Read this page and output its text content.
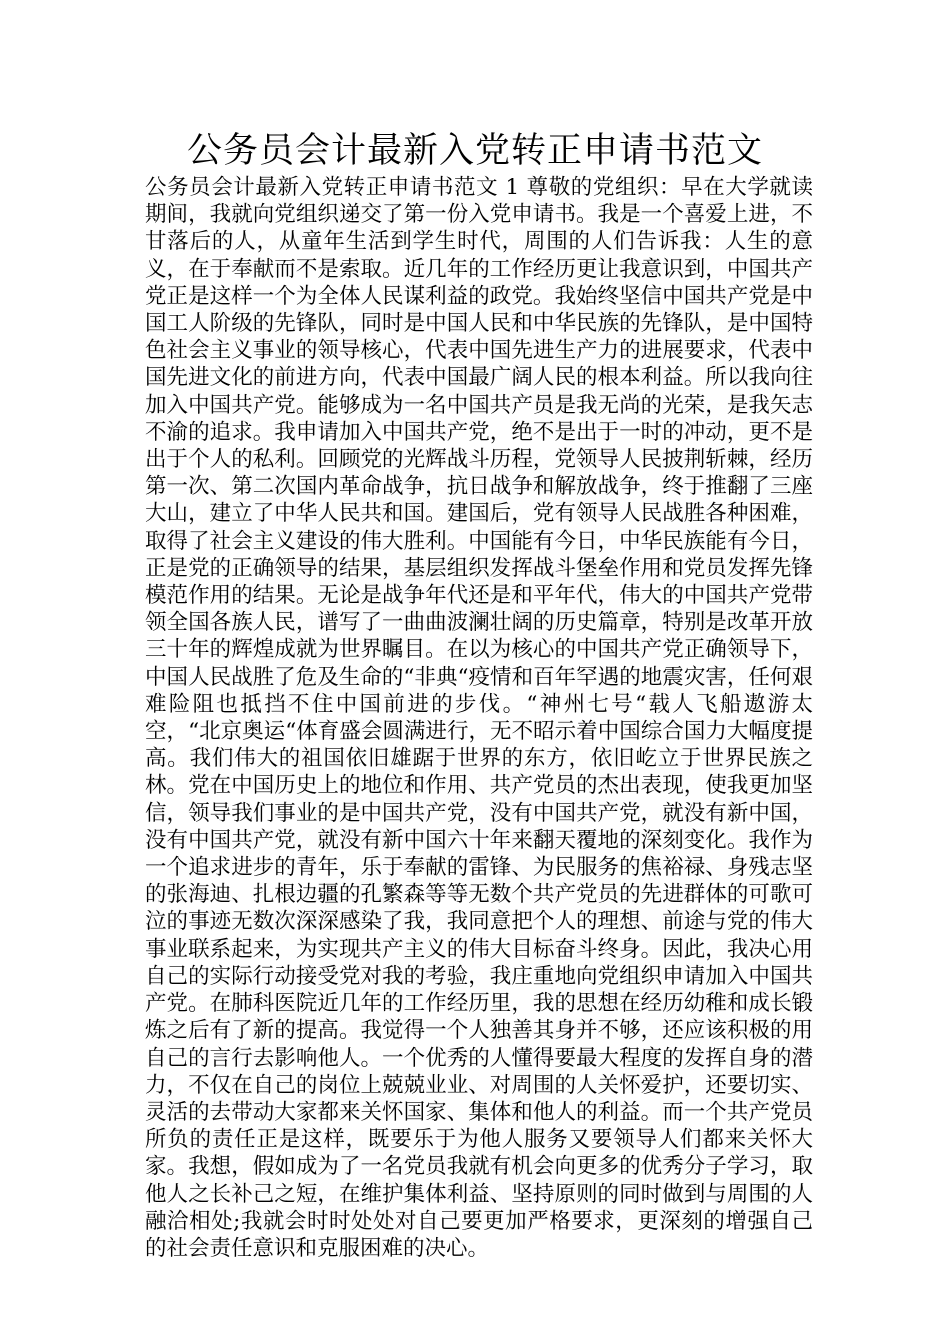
公务员会计最新入党转正申请书范文

公务员会计最新入党转正申请书范文 1 尊敬的党组织：早在大学就读期间，我就向党组织递交了第一份入党申请书。我是一个喜爱上进，不甘落后的人，从童年生活到学生时代，周围的人们告诉我：人生的意义，在于奉献而不是索取。近几年的工作经历更让我意识到，中国共产党正是这样一个为全体人民谋利益的政党。我始终坚信中国共产党是中国工人阶级的先锋队，同时是中国人民和中华民族的先锋队，是中国特色社会主义事业的领导核心，代表中国先进生产力的进展要求，代表中国先进文化的前进方向，代表中国最广阔人民的根本利益。所以我向往加入中国共产党。能够成为一名中国共产员是我无尚的光荣，是我矢志不渝的追求。我申请加入中国共产党，绝不是出于一时的冲动，更不是出于个人的私利。回顾党的光辉战斗历程，党领导人民披荆斩棘，经历第一次、第二次国内革命战争，抗日战争和解放战争，终于推翻了三座大山，建立了中华人民共和国。建国后，党有领导人民战胜各种困难，取得了社会主义建设的伟大胜利。中国能有今日，中华民族能有今日，正是党的正确领导的结果，基层组织发挥战斗堡垒作用和党员发挥先锋模范作用的结果。无论是战争年代还是和平年代，伟大的中国共产党带领全国各族人民，谱写了一曲曲波澜壮阔的历史篇章，特别是改革开放三十年的辉煌成就为世界瞩目。在以为核心的中国共产党正确领导下，中国人民战胜了危及生命的“非典“疫情和百年罕遇的地震灾害，任何艰难险阻也抵挡不住中国前进的步伐。“神州七号“载人飞船遨游太空，“北京奥运“体育盛会圆满进行，无不昭示着中国综合国力大幅度提高。我们伟大的祖国依旧雄踞于世界的东方，依旧屹立于世界民族之林。党在中国历史上的地位和作用、共产党员的杰出表现，使我更加坚信，领导我们事业的是中国共产党，没有中国共产党，就没有新中国，没有中国共产党，就没有新中国六十年来翻天覆地的深刻变化。我作为一个追求进步的青年，乐于奉献的雷锋、为民服务的焦裕禄、身残志坚的张海迪、扎根边疆的孔繁森等等无数个共产党员的先进群体的可歌可泣的事迹无数次深深感染了我，我同意把个人的理想、前途与党的伟大事业联系起来，为实现共产主义的伟大目标奋斗终身。因此，我决心用自己的实际行动接受党对我的考验，我庄重地向党组织申请加入中国共产党。在肺科医院近几年的工作经历里，我的思想在经历幼稚和成长锻炼之后有了新的提高。我觉得一个人独善其身并不够，还应该积极的用自己的言行去影响他人。一个优秀的人懂得要最大程度的发挥自身的潜力，不仅在自己的岗位上兢兢业业、对周围的人关怀爱护，还要切实、灵活的去带动大家都来关怀国家、集体和他人的利益。而一个共产党员所负的责任正是这样，既要乐于为他人服务又要领导人们都来关怀大家。我想，假如成为了一名党员我就有机会向更多的优秀分子学习，取他人之长补己之短，在维护集体利益、坚持原则的同时做到与周围的人融洽相处;我就会时时处处对自己要更加严格要求，更深刻的增强自己的社会责任意识和克服困难的决心。
